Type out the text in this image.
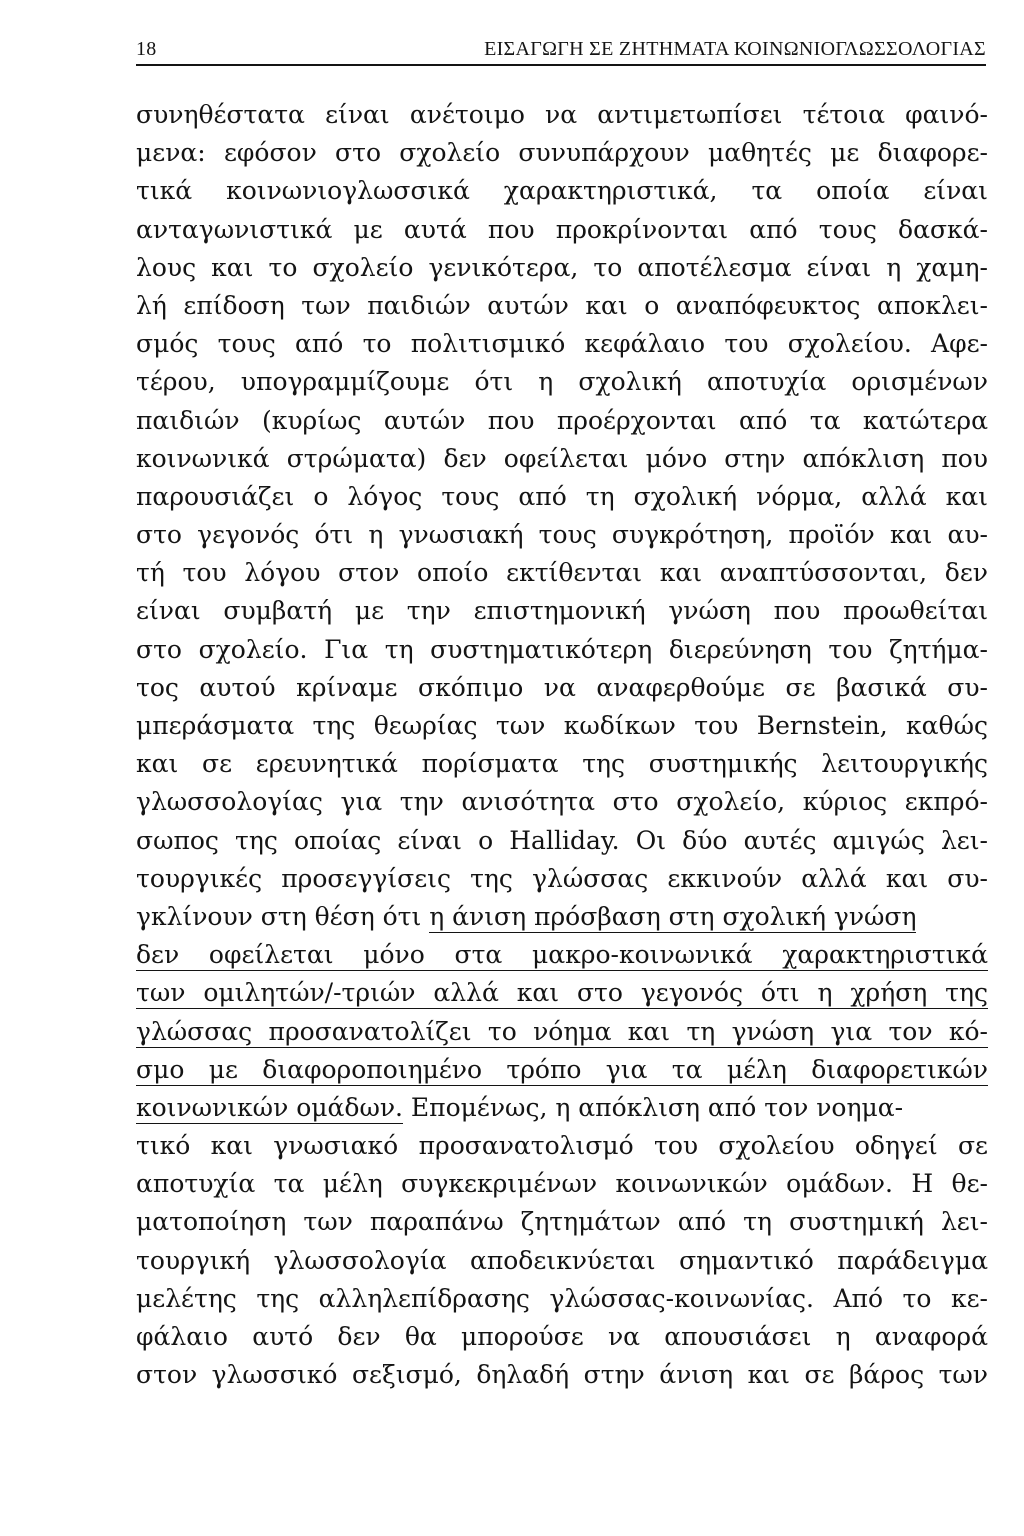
18	ΕΙΣΑΓΩΓΗ ΣΕ ΖΗΤΗΜΑΤΑ ΚΟΙΝΩΝΙΟΓΛΩΣΣΟΛΟΓΙΑΣ
συνηθέστατα είναι ανέτοιμο να αντιμετωπίσει τέτοια φαινό-
μενα: εφόσον στο σχολείο συνυπάρχουν μαθητές με διαφορε-
τικά κοινωνιογλωσσικά χαρακτηριστικά, τα οποία είναι
ανταγωνιστικά με αυτά που προκρίνονται από τους δασκά-
λους και το σχολείο γενικότερα, το αποτέλεσμα είναι η χαμη-
λή επίδοση των παιδιών αυτών και ο αναπόφευκτος αποκλει-
σμός τους από το πολιτισμικό κεφάλαιο του σχολείου. Αφε-
τέρου, υπογραμμίζουμε ότι η σχολική αποτυχία ορισμένων
παιδιών (κυρίως αυτών που προέρχονται από τα κατώτερα
κοινωνικά στρώματα) δεν οφείλεται μόνο στην απόκλιση που
παρουσιάζει ο λόγος τους από τη σχολική νόρμα, αλλά και
στο γεγονός ότι η γνωσιακή τους συγκρότηση, προϊόν και αυ-
τή του λόγου στον οποίο εκτίθενται και αναπτύσσονται, δεν
είναι συμβατή με την επιστημονική γνώση που προωθείται
στο σχολείο. Για τη συστηματικότερη διερεύνηση του ζητήμα-
τος αυτού κρίναμε σκόπιμο να αναφερθούμε σε βασικά συ-
μπεράσματα της θεωρίας των κωδίκων του Bernstein, καθώς
και σε ερευνητικά πορίσματα της συστημικής λειτουργικής
γλωσσολογίας για την ανισότητα στο σχολείο, κύριος εκπρό-
σωπος της οποίας είναι ο Halliday. Οι δύο αυτές αμιγώς λει-
τουργικές προσεγγίσεις της γλώσσας εκκινούν αλλά και συ-
γκλίνουν στη θέση ότι η άνιση πρόσβαση στη σχολική γνώση
δεν οφείλεται μόνο στα μακρο-κοινωνικά χαρακτηριστικά
των ομιλητών/-τριών αλλά και στο γεγονός ότι η χρήση της
γλώσσας προσανατολίζει το νόημα και τη γνώση για τον κό-
σμο με διαφοροποιημένο τρόπο για τα μέλη διαφορετικών
κοινωνικών ομάδων. Επομένως, η απόκλιση από τον νοημα-
τικό και γνωσιακό προσανατολισμό του σχολείου οδηγεί σε
αποτυχία τα μέλη συγκεκριμένων κοινωνικών ομάδων. Η θε-
ματοποίηση των παραπάνω ζητημάτων από τη συστημική λει-
τουργική γλωσσολογία αποδεικνύεται σημαντικό παράδειγμα
μελέτης της αλληλεπίδρασης γλώσσας-κοινωνίας. Από το κε-
φάλαιο αυτό δεν θα μπορούσε να απουσιάσει η αναφορά
στον γλωσσικό σεξισμό, δηλαδή στην άνιση και σε βάρος των
